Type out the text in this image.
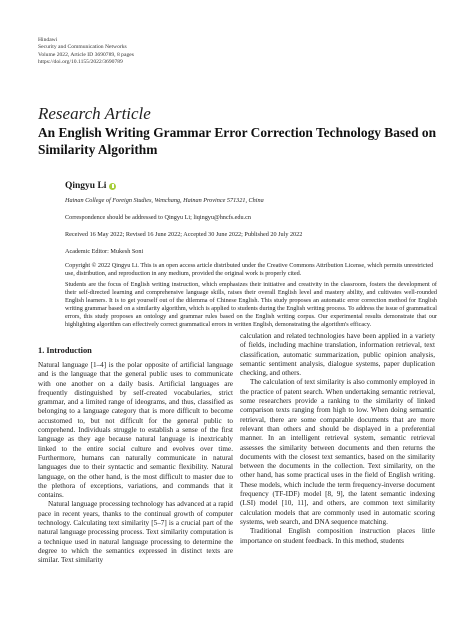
Hindawi
Security and Communication Networks
Volume 2022, Article ID 3690789, 8 pages
https://doi.org/10.1155/2022/3690789
Research Article
An English Writing Grammar Error Correction Technology Based on Similarity Algorithm
Qingyu Li
Hainan College of Foreign Studies, Wenchang, Hainan Province 571321, China
Correspondence should be addressed to Qingyu Li; liqingyu@hncfs.edu.cn
Received 16 May 2022; Revised 16 June 2022; Accepted 30 June 2022; Published 20 July 2022
Academic Editor: Mukesh Soni
Copyright © 2022 Qingyu Li. This is an open access article distributed under the Creative Commons Attribution License, which permits unrestricted use, distribution, and reproduction in any medium, provided the original work is properly cited.
Students are the focus of English writing instruction, which emphasizes their initiative and creativity in the classroom, fosters the development of their self-directed learning and comprehensive language skills, raises their overall English level and mastery ability, and cultivates well-rounded English learners. It is to get yourself out of the dilemma of Chinese English. This study proposes an automatic error correction method for English writing grammar based on a similarity algorithm, which is applied to students during the English writing process. To address the issue of grammatical errors, this study proposes an ontology and grammar rules based on the English writing corpus. Our experimental results demonstrate that our highlighting algorithm can effectively correct grammatical errors in written English, demonstrating the algorithm's efficacy.
1. Introduction

Natural language [1–4] is the polar opposite of artificial language and is the language that the general public uses to communicate with one another on a daily basis. Artificial languages are frequently distinguished by self-created vocabularies, strict grammar, and a limited range of ideograms, and thus, classified as belonging to a language category that is more difficult to become accustomed to, but not difficult for the general public to comprehend. Individuals struggle to establish a sense of the first language as they age because natural language is inextricably linked to the entire social culture and evolves over time. Furthermore, humans can naturally communicate in natural languages due to their syntactic and semantic flexibility. Natural language, on the other hand, is the most difficult to master due to the plethora of exceptions, variations, and commands that it contains.

Natural language processing technology has advanced at a rapid pace in recent years, thanks to the continual growth of computer technology. Calculating text similarity [5–7] is a crucial part of the natural language processing process. Text similarity computation is a technique used in natural language processing to determine the degree to which the semantics expressed in distinct texts are similar. Text similarity

calculation and related technologies have been applied in a variety of fields, including machine translation, information retrieval, text classification, automatic summarization, public opinion analysis, semantic sentiment analysis, dialogue systems, paper duplication checking, and others.

The calculation of text similarity is also commonly employed in the practice of patent search. When undertaking semantic retrieval, some researchers provide a ranking to the similarity of linked comparison texts ranging from high to low. When doing semantic retrieval, there are some comparable documents that are more relevant than others and should be displayed in a preferential manner. In an intelligent retrieval system, semantic retrieval assesses the similarity between documents and then returns the documents with the closest text semantics, based on the similarity between the documents in the collection. Text similarity, on the other hand, has some practical uses in the field of English writing. These models, which include the term frequency-inverse document frequency (TF-IDF) model [8, 9], the latent semantic indexing (LSI) model [10, 11], and others, are common text similarity calculation models that are commonly used in automatic scoring systems, web search, and DNA sequence matching.

Traditional English composition instruction places little importance on student feedback. In this method, students
